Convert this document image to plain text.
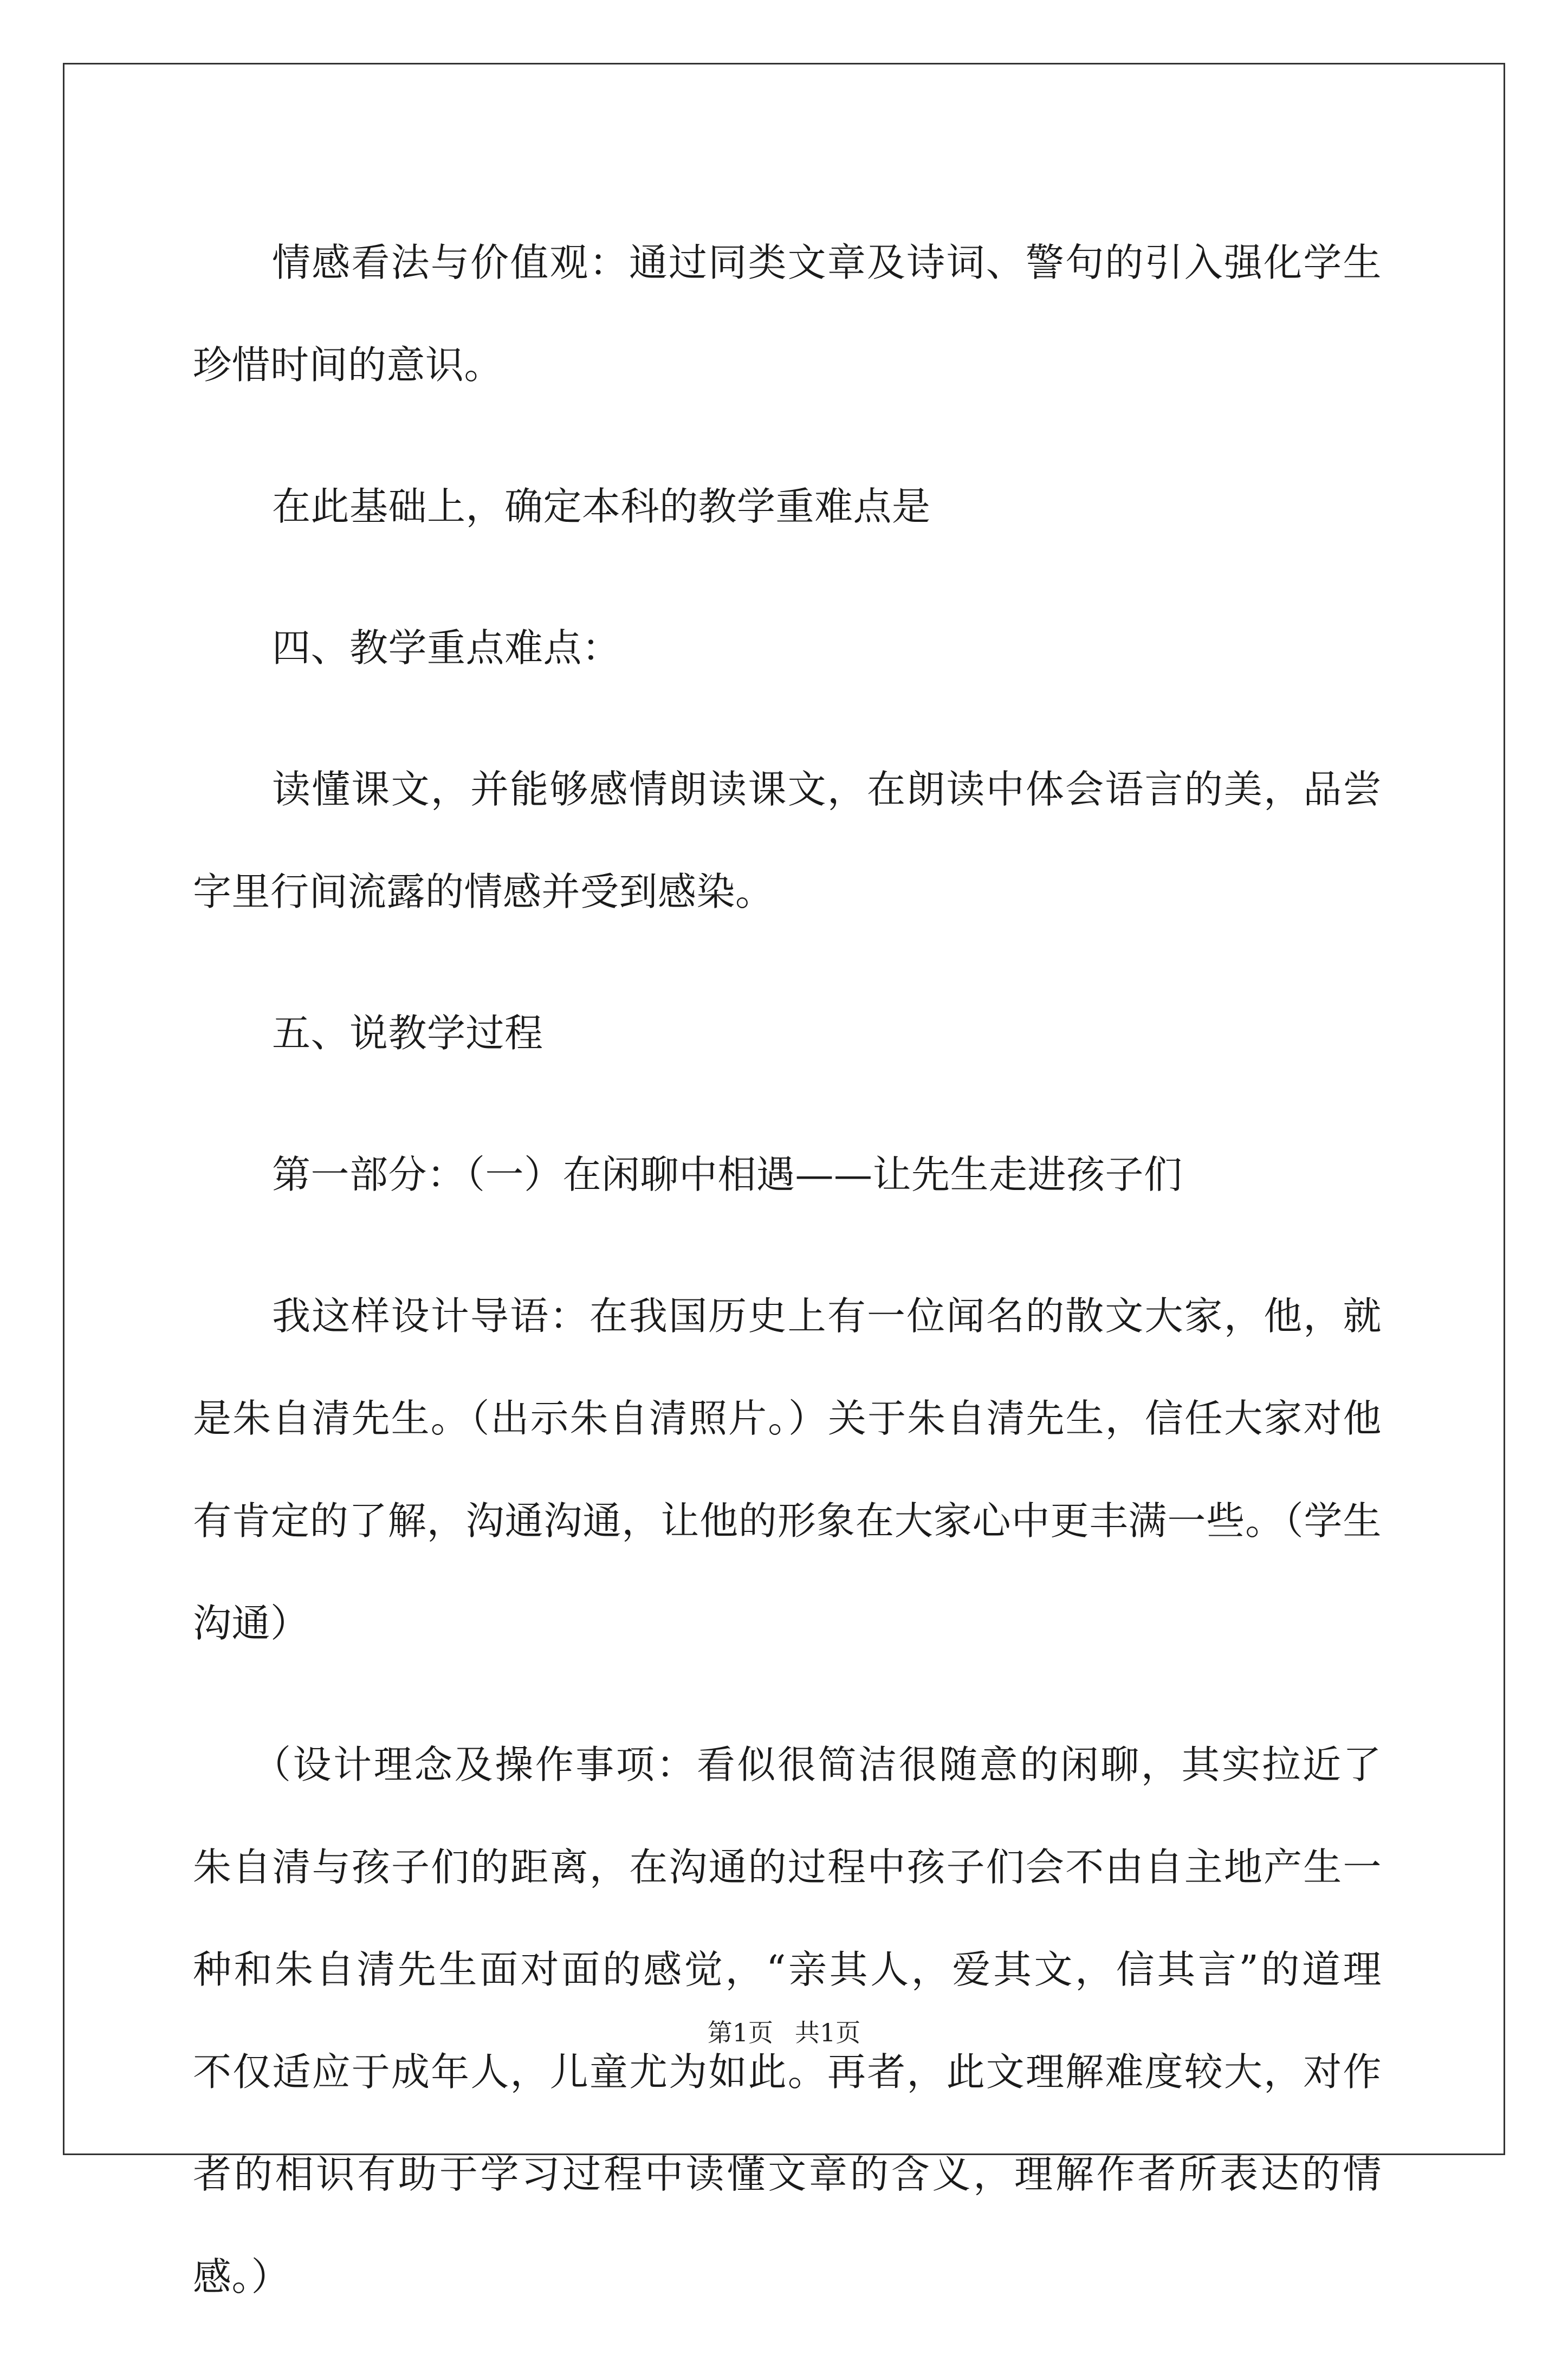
情感看法与价值观：通过同类文章及诗词、警句的引入强化学生
珍惜时间的意识。
在此基础上，确定本科的教学重难点是
四、教学重点难点：
读懂课文，并能够感情朗读课文，在朗读中体会语言的美，品尝
字里行间流露的情感并受到感染。
五、说教学过程
第一部分：（一）在闲聊中相遇——让先生走进孩子们
我这样设计导语：在我国历史上有一位闻名的散文大家，他，就
是朱自清先生。（出示朱自清照片。）关于朱自清先生，信任大家对他
有肯定的了解，沟通沟通，让他的形象在大家心中更丰满一些。（学生
沟通）
（设计理念及操作事项：看似很简洁很随意的闲聊，其实拉近了
朱自清与孩子们的距离，在沟通的过程中孩子们会不由自主地产生一
种和朱自清先生面对面的感觉，“亲其人，爱其文，信其言”的道理
不仅适应于成年人，儿童尤为如此。再者，此文理解难度较大，对作
者的相识有助于学习过程中读懂文章的含义，理解作者所表达的情感。）
第1页 共1页
